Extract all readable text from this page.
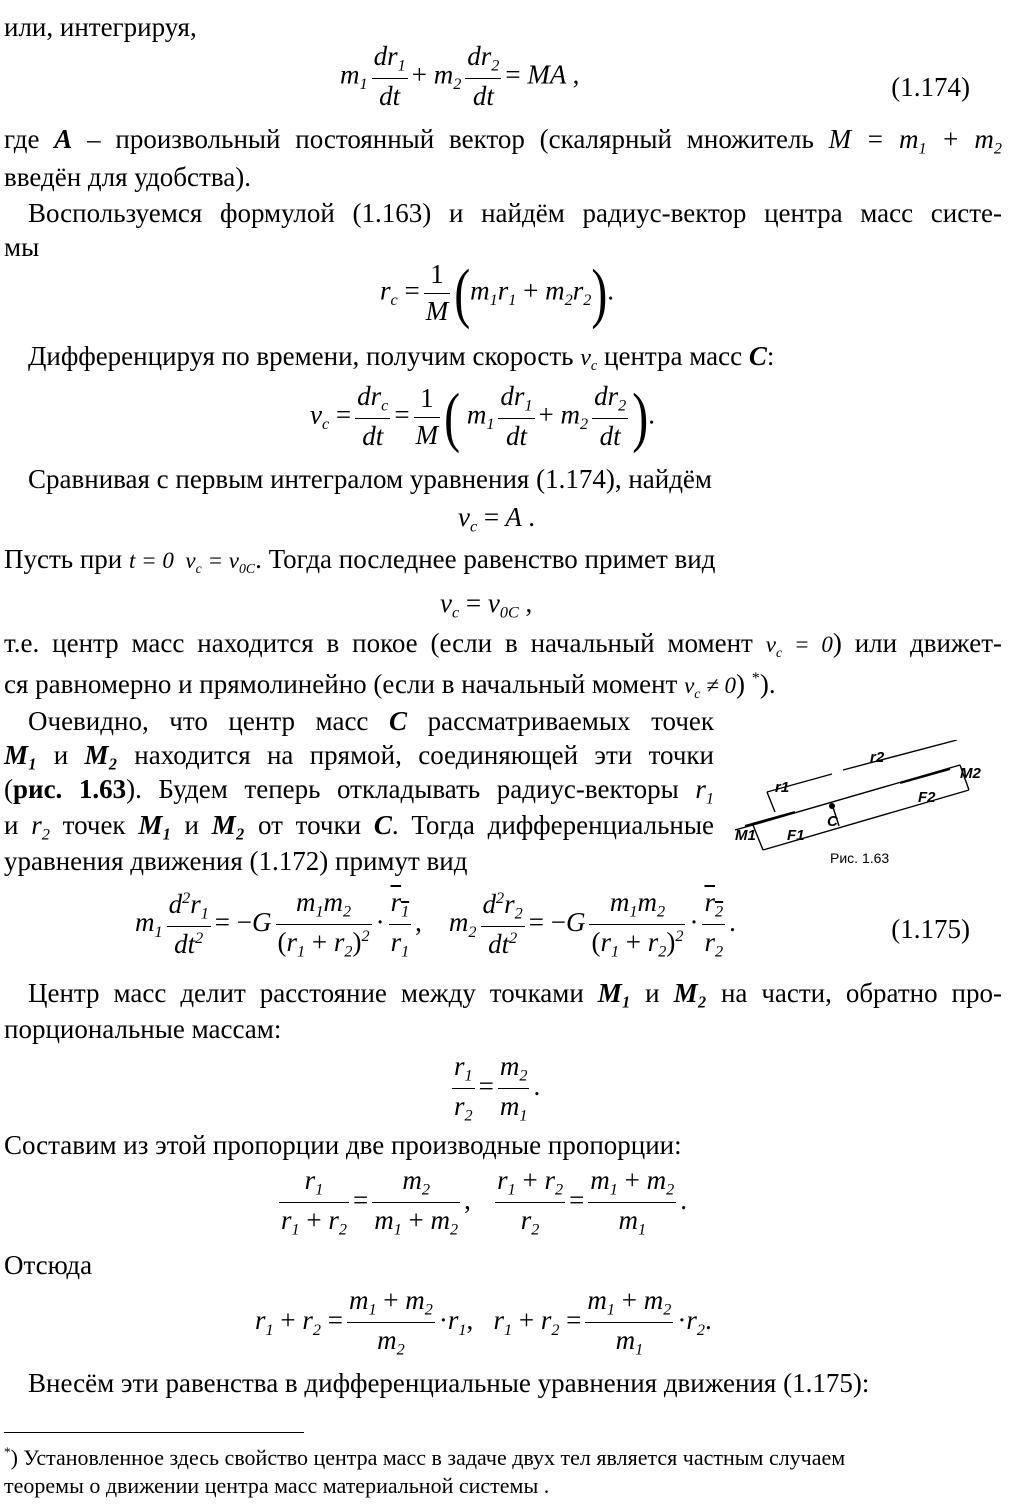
или, интегрируя,
$m_1 \frac{dr_1}{dt} + m_2 \frac{dr_2}{dt}$ = MA ,	(1.174)
где A – произвольный постоянный вектор (скалярный множитель $M = m_1 + m_2$
введён для удобства).
Воспользуемся формулой (1.163) и найдём радиус-вектор центра масс систе-
мы
$r_c = \frac{1}{M} (m_1r_1 + m_2r_2)$.
Дифференцируя по времени, получим скорость $v_c$ центра масс C:
$v_c = \frac{dr_c}{dt} = \frac{1}{M}$ ( $m_1 \frac{dr_1}{dt} + m_2 \frac{dr_2}{dt}$ ).
Сравнивая с первым интегралом уравнения (1.174), найдём
$v_c = A$ .
Пусть при t = 0  $v_c = v_{0C}$. Тогда последнее равенство примет вид
$v_c = v_{0C}$ ,
т.е. центр масс находится в покое (если в начальный момент $v_c = 0$) или движет-
ся равномерно и прямолинейно (если в начальный момент $v_c \ne 0$) *).
Очевидно, что центр масс C рассматриваемых точек
M₁ и M₂ находится на прямой, соединяющей эти точки
(рис. 1.63). Будем теперь откладывать радиус-векторы $r_1$
и $r_2$ точек M₁ и M₂ от точки C. Тогда дифференциальные
уравнения движения (1.172) примут вид
r1
r2
F2
F1
M1
M2
C
Рис. 1.63
$m_1 \frac{d^2r_1}{dt^2} = -G \frac{m_1m_2}{(r_1 + r_2)^2} \cdot \frac{r_1}{r_1}$ ,    $m_2 \frac{d^2r_2}{dt^2} = -G \frac{m_1m_2}{(r_1 + r_2)^2} \cdot \frac{r_2}{r_2}$ .	(1.175)
Центр масс делит расстояние между точками M₁ и M₂ на части, обратно про-
порциональные массам:
$\frac{r_1}{r_2} = \frac{m_2}{m_1}$ .
Составим из этой пропорции две производные пропорции:
$\frac{r_1}{r_1 + r_2} = \frac{m_2}{m_1 + m_2}$ , $\frac{r_1 + r_2}{r_2} = \frac{m_1 + m_2}{m_1}$ .
Отсюда
$r_1 + r_2 = \frac{m_1 + m_2}{m_2} \cdot r_1$,   $r_1 + r_2 = \frac{m_1 + m_2}{m_1} \cdot r_2$.
Внесём эти равенства в дифференциальные уравнения движения (1.175):
*) Установленное здесь свойство центра масс в задаче двух тел является частным случаем
теоремы о движении центра масс материальной системы .
